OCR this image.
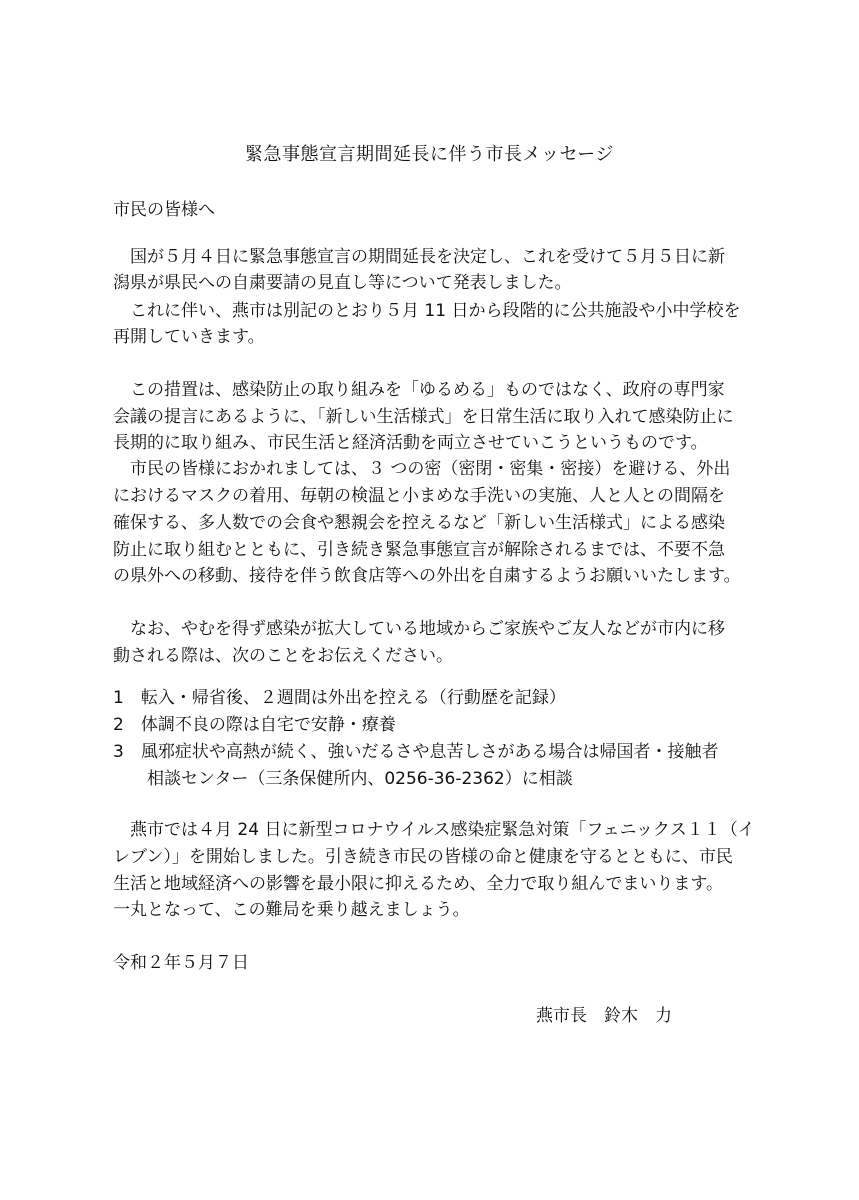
緊急事態宣言期間延長に伴う市長メッセージ
市民の皆様へ
　国が５月４日に緊急事態宣言の期間延長を決定し、これを受けて５月５日に新
潟県が県民への自粛要請の見直し等について発表しました。
　これに伴い、燕市は別記のとおり５月 11 日から段階的に公共施設や小中学校を
再開していきます。
　この措置は、感染防止の取り組みを「ゆるめる」ものではなく、政府の専門家
会議の提言にあるように、「新しい生活様式」を日常生活に取り入れて感染防止に
長期的に取り組み、市民生活と経済活動を両立させていこうというものです。
　市民の皆様におかれましては、３ つの密（密閉・密集・密接）を避ける、外出
におけるマスクの着用、毎朝の検温と小まめな手洗いの実施、人と人との間隔を
確保する、多人数での会食や懇親会を控えるなど「新しい生活様式」による感染
防止に取り組むとともに、引き続き緊急事態宣言が解除されるまでは、不要不急
の県外への移動、接待を伴う飲食店等への外出を自粛するようお願いいたします。
　なお、やむを得ず感染が拡大している地域からご家族やご友人などが市内に移
動される際は、次のことをお伝えください。
1　転入・帰省後、２週間は外出を控える（行動歴を記録）
2　体調不良の際は自宅で安静・療養
3　風邪症状や高熱が続く、強いだるさや息苦しさがある場合は帰国者・接触者
　　相談センター（三条保健所内、0256-36-2362）に相談
　燕市では４月 24 日に新型コロナウイルス感染症緊急対策「フェニックス１１（イ
レブン）」を開始しました。引き続き市民の皆様の命と健康を守るとともに、市民
生活と地域経済への影響を最小限に抑えるため、全力で取り組んでまいります。
一丸となって、この難局を乗り越えましょう。
令和２年５月７日
燕市長　鈴木　力
